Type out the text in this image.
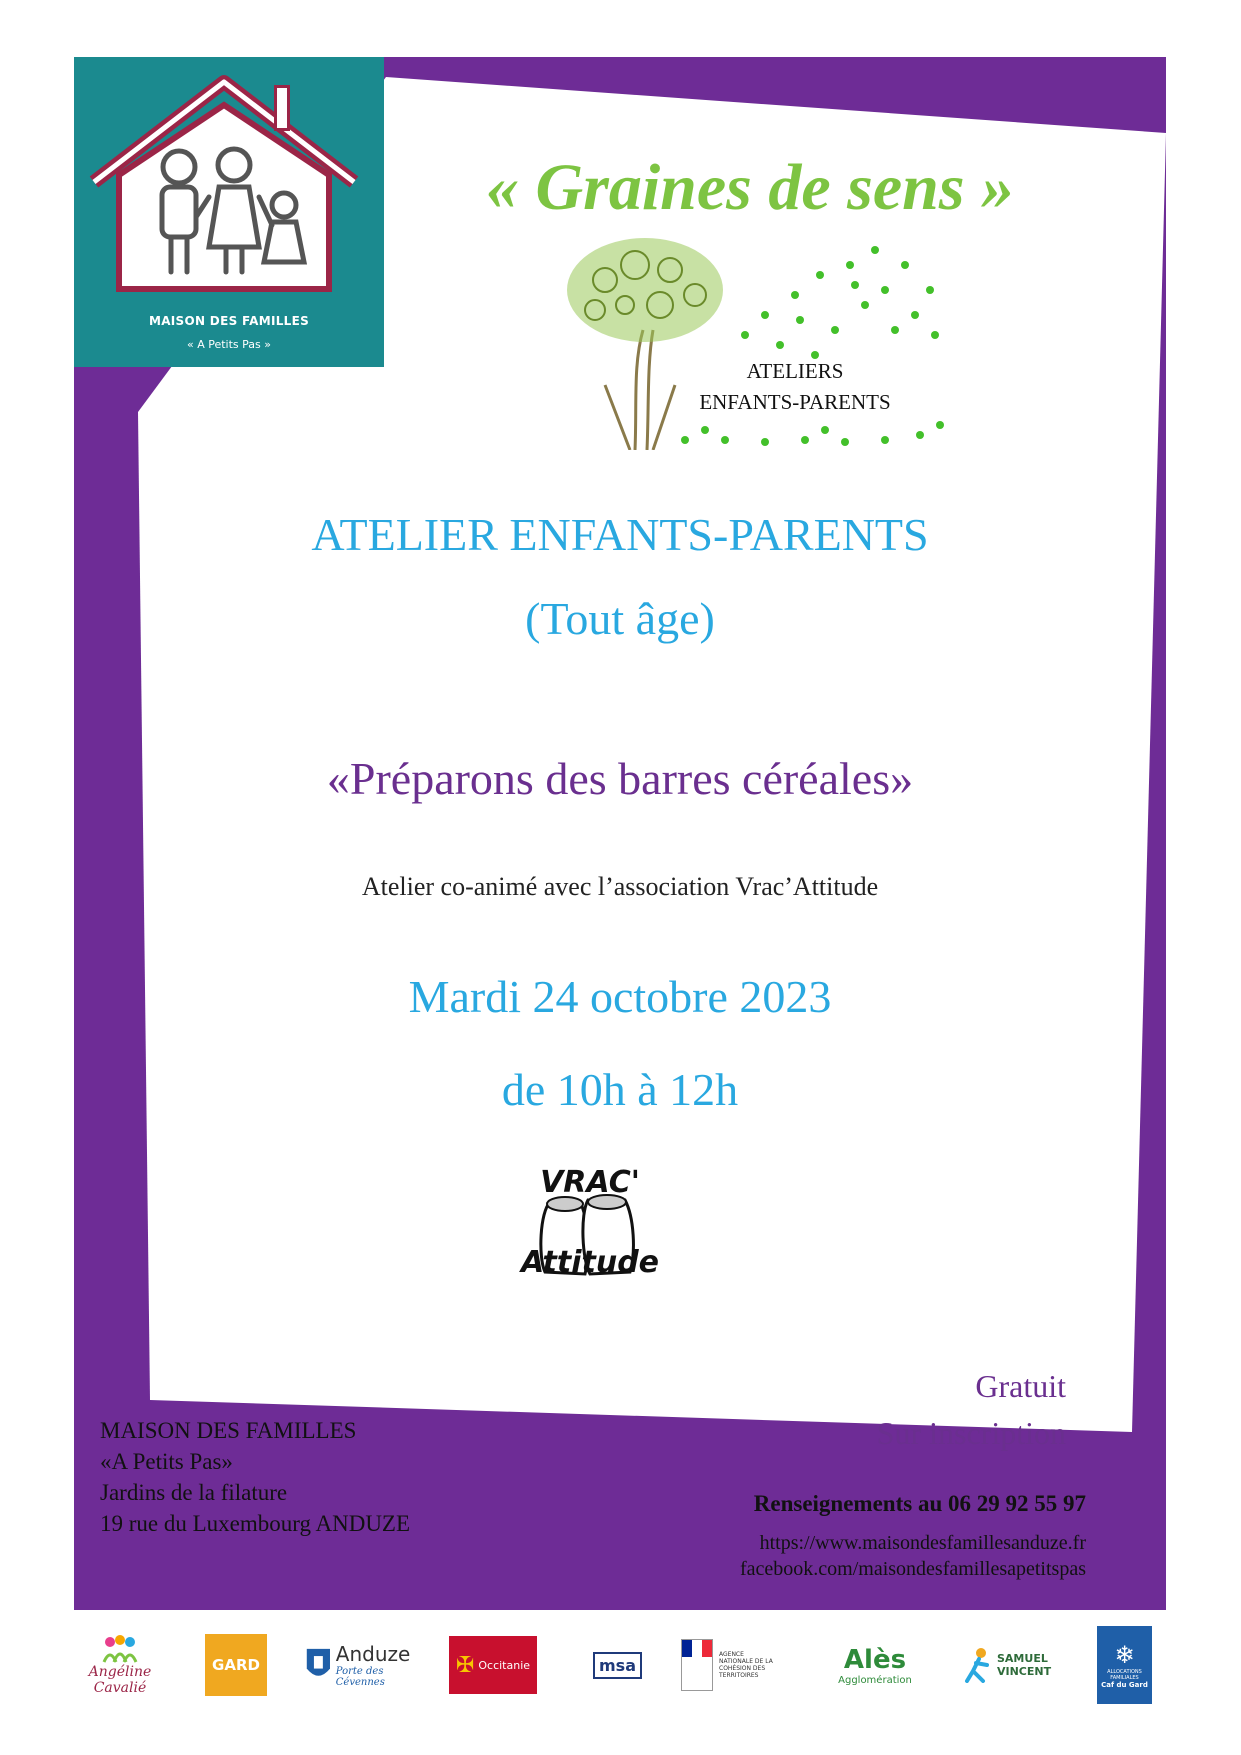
MAISON DES FAMILLES
« A Petits Pas »
« Graines de sens »
ATELIERS
ENFANTS-PARENTS
ATELIER ENFANTS-PARENTS
(Tout âge)
«Préparons des barres céréales»
Atelier co-animé avec l’association Vrac’Attitude
Mardi 24 octobre 2023
de 10h à 12h
VRAC'
Attitude
MAISON DES FAMILLES
«A Petits Pas»
Jardins de la filature
19 rue du Luxembourg ANDUZE
Gratuit
Sur inscription
Renseignements au 06 29 92 55 97
https://www.maisondesfamillesanduze.fr
facebook.com/maisondesfamillesapetitspas
Angéline Cavalié
GARD	Anduze
Porte des Cévennes
✠ Occitanie	msa
AGENCE NATIONALE DE LA COHÉSION DES TERRITOIRES
Alès
Agglomération
SAMUEL VINCENT
❄
ALLOCATIONS FAMILIALES
Caf du Gard
